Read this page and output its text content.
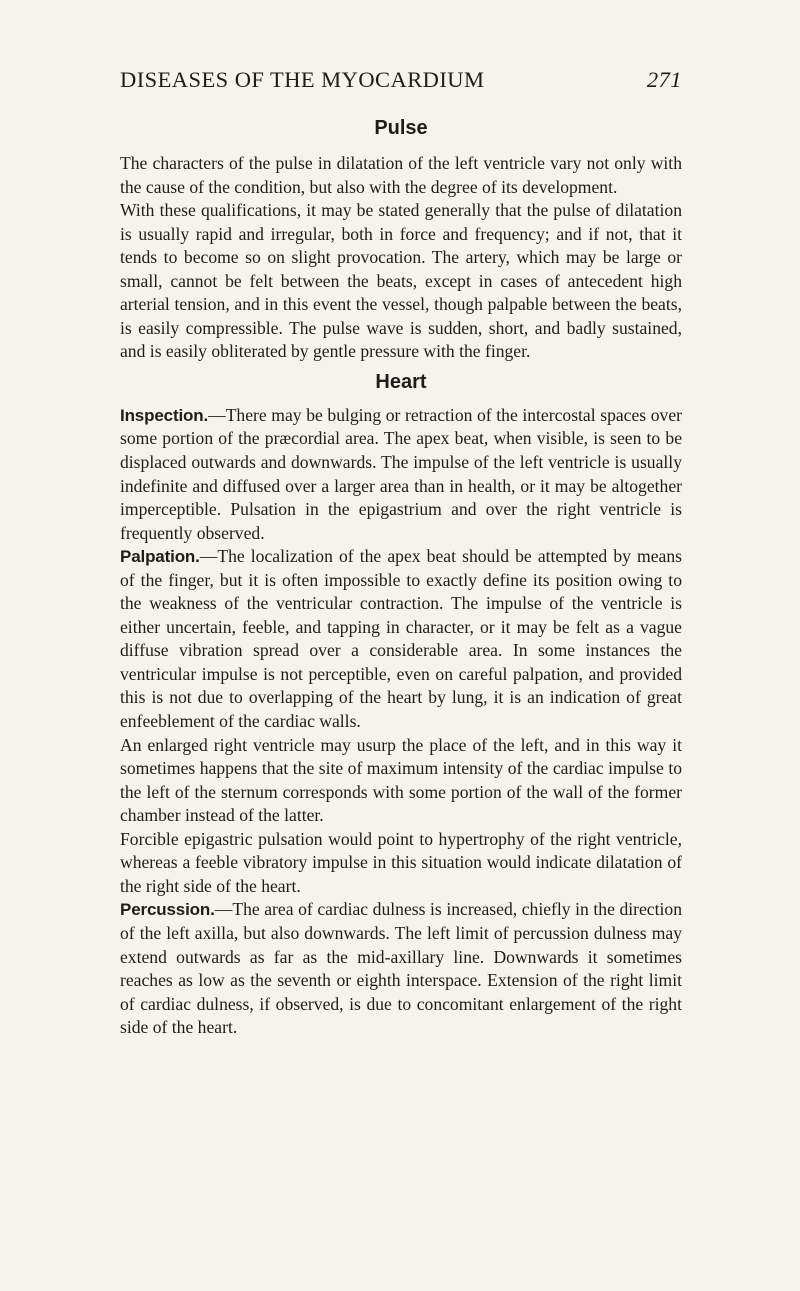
DISEASES OF THE MYOCARDIUM	271
Pulse

The characters of the pulse in dilatation of the left ventricle vary not only with the cause of the condition, but also with the degree of its development.

With these qualifications, it may be stated generally that the pulse of dilatation is usually rapid and irregular, both in force and frequency; and if not, that it tends to become so on slight provocation. The artery, which may be large or small, cannot be felt between the beats, except in cases of antecedent high arterial tension, and in this event the vessel, though palpable between the beats, is easily compressible. The pulse wave is sudden, short, and badly sustained, and is easily obliterated by gentle pressure with the finger.

Heart

Inspection.—There may be bulging or retraction of the intercostal spaces over some portion of the præcordial area. The apex beat, when visible, is seen to be displaced outwards and downwards. The impulse of the left ventricle is usually indefinite and diffused over a larger area than in health, or it may be altogether imperceptible. Pulsation in the epigastrium and over the right ventricle is frequently observed.

Palpation.—The localization of the apex beat should be attempted by means of the finger, but it is often impossible to exactly define its position owing to the weakness of the ventricular contraction. The impulse of the ventricle is either uncertain, feeble, and tapping in character, or it may be felt as a vague diffuse vibration spread over a considerable area. In some instances the ventricular impulse is not perceptible, even on careful palpation, and provided this is not due to overlapping of the heart by lung, it is an indication of great enfeeblement of the cardiac walls.

An enlarged right ventricle may usurp the place of the left, and in this way it sometimes happens that the site of maximum intensity of the cardiac impulse to the left of the sternum corresponds with some portion of the wall of the former chamber instead of the latter.

Forcible epigastric pulsation would point to hypertrophy of the right ventricle, whereas a feeble vibratory impulse in this situation would indicate dilatation of the right side of the heart.

Percussion.—The area of cardiac dulness is increased, chiefly in the direction of the left axilla, but also downwards. The left limit of percussion dulness may extend outwards as far as the mid-axillary line. Downwards it sometimes reaches as low as the seventh or eighth interspace. Extension of the right limit of cardiac dulness, if observed, is due to concomitant enlargement of the right side of the heart.
